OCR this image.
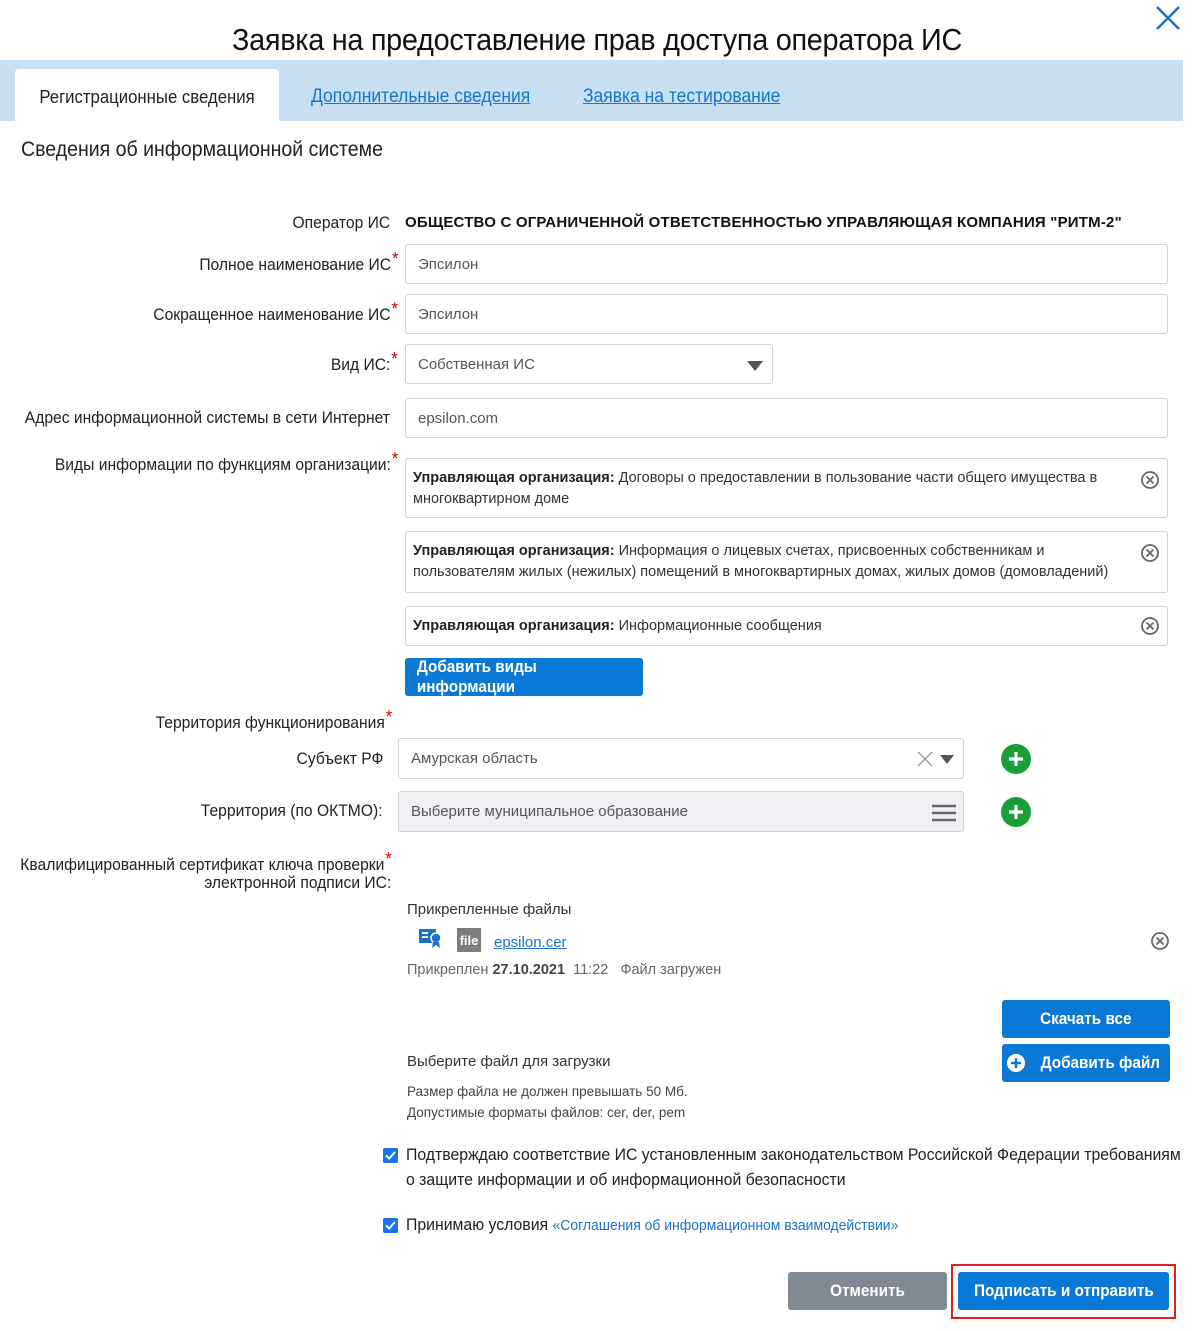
Заявка на предоставление прав доступа оператора ИС
Регистрационные сведения	Дополнительные сведения	Заявка на тестирование
Сведения об информационной системе
Оператор ИС ОБЩЕСТВО С ОГРАНИЧЕННОЙ ОТВЕТСТВЕННОСТЬЮ УПРАВЛЯЮЩАЯ КОМПАНИЯ "РИТМ-2"
Полное наименование ИС* Эпсилон
Сокращенное наименование ИС* Эпсилон
Вид ИС:* Собственная ИС
Адрес информационной системы в сети Интернет epsilon.com
Виды информации по функциям организации:*
Управляющая организация: Договоры о предоставлении в пользование части общего имущества в многоквартирном доме
Управляющая организация: Информация о лицевых счетах, присвоенных собственникам и пользователям жилых (нежилых) помещений в многоквартирных домах, жилых домов (домовладений)
Управляющая организация: Информационные сообщения
Добавить виды информации
Территория функционирования*
Субъект РФ Амурская область
Территория (по ОКТМО): Выберите муниципальное образование
Квалифицированный сертификат ключа проверки*
электронной подписи ИС:
Прикрепленные файлы
file epsilon.cer
Прикреплен 27.10.2021 11:22 Файл загружен
Скачать все
Добавить файл
Выберите файл для загрузки
Размер файла не должен превышать 50 Мб.
Допустимые форматы файлов: cer, der, pem
Подтверждаю соответствие ИС установленным законодательством Российской Федерации требованиям
о защите информации и об информационной безопасности
Принимаю условия «Соглашения об информационном взаимодействии»
Отменить	Подписать и отправить
